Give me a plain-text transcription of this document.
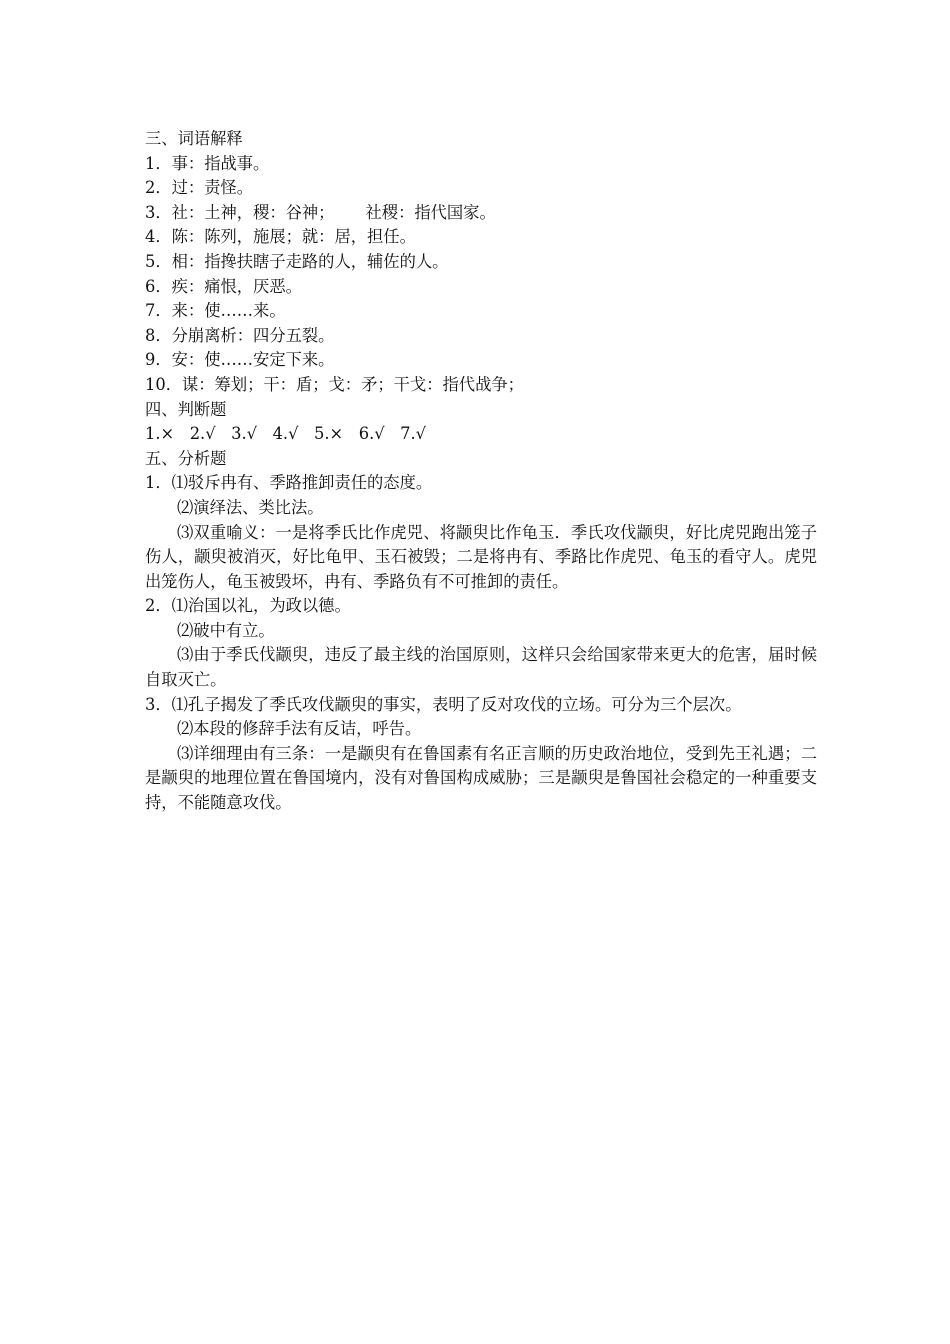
三、词语解释
1．事：指战事。
2．过：责怪。
3．社：土神，稷：谷神；      社稷：指代国家。
4．陈：陈列，施展；就：居，担任。
5．相：指搀扶瞎子走路的人，辅佐的人。
6．疾：痛恨，厌恶。
7．来：使……来。
8．分崩离析：四分五裂。
9．安：使……安定下来。
10．谋：筹划；干：盾；戈：矛；干戈：指代战争；
四、判断题
1.×   2.√   3.√   4.√   5.×   6.√   7.√
五、分析题
1．⑴驳斥冉有、季路推卸责任的态度。
⑵演绎法、类比法。
⑶双重喻义：一是将季氏比作虎兕、将颛臾比作龟玉．季氏攻伐颛臾，好比虎兕跑出笼子伤人，颛臾被消灭，好比龟甲、玉石被毁；二是将冉有、季路比作虎兕、龟玉的看守人。虎兕出笼伤人，龟玉被毁坏，冉有、季路负有不可推卸的责任。
2．⑴治国以礼，为政以德。
⑵破中有立。
⑶由于季氏伐颛臾，违反了最主线的治国原则，这样只会给国家带来更大的危害，届时候自取灭亡。
3．⑴孔子揭发了季氏攻伐颛臾的事实，表明了反对攻伐的立场。可分为三个层次。
⑵本段的修辞手法有反诘，呼告。
⑶详细理由有三条：一是颛臾有在鲁国素有名正言顺的历史政治地位，受到先王礼遇；二是颛臾的地理位置在鲁国境内，没有对鲁国构成威胁；三是颛臾是鲁国社会稳定的一种重要支持，不能随意攻伐。
